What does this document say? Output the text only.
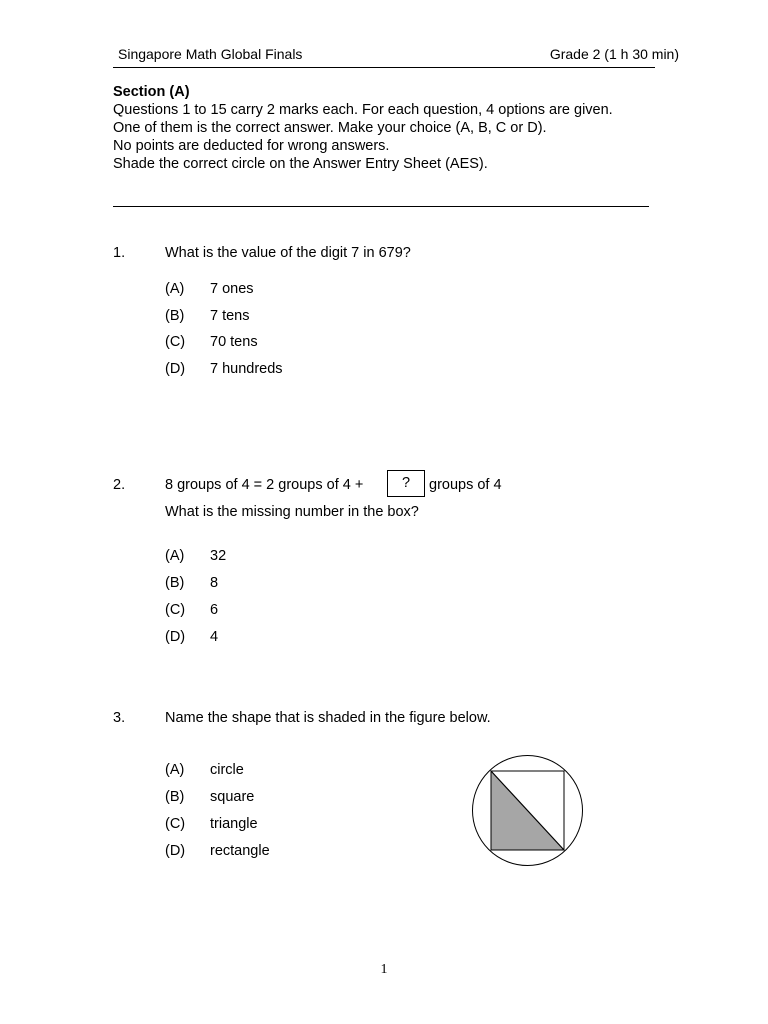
Singapore Math Global Finals	Grade 2 (1 h 30 min)
Section (A)
Questions 1 to 15 carry 2 marks each. For each question, 4 options are given.
One of them is the correct answer. Make your choice (A, B, C or D).
No points are deducted for wrong answers.
Shade the correct circle on the Answer Entry Sheet (AES).
1.	What is the value of the digit 7 in 679?
(A) 7 ones
(B) 7 tens
(C) 70 tens
(D) 7 hundreds
2.	8 groups of 4 = 2 groups of 4 +	?	groups of 4
What is the missing number in the box?
(A) 32
(B) 8
(C) 6
(D) 4
3.	Name the shape that is shaded in the figure below.
(A) circle
(B) square
(C) triangle
(D) rectangle
1
